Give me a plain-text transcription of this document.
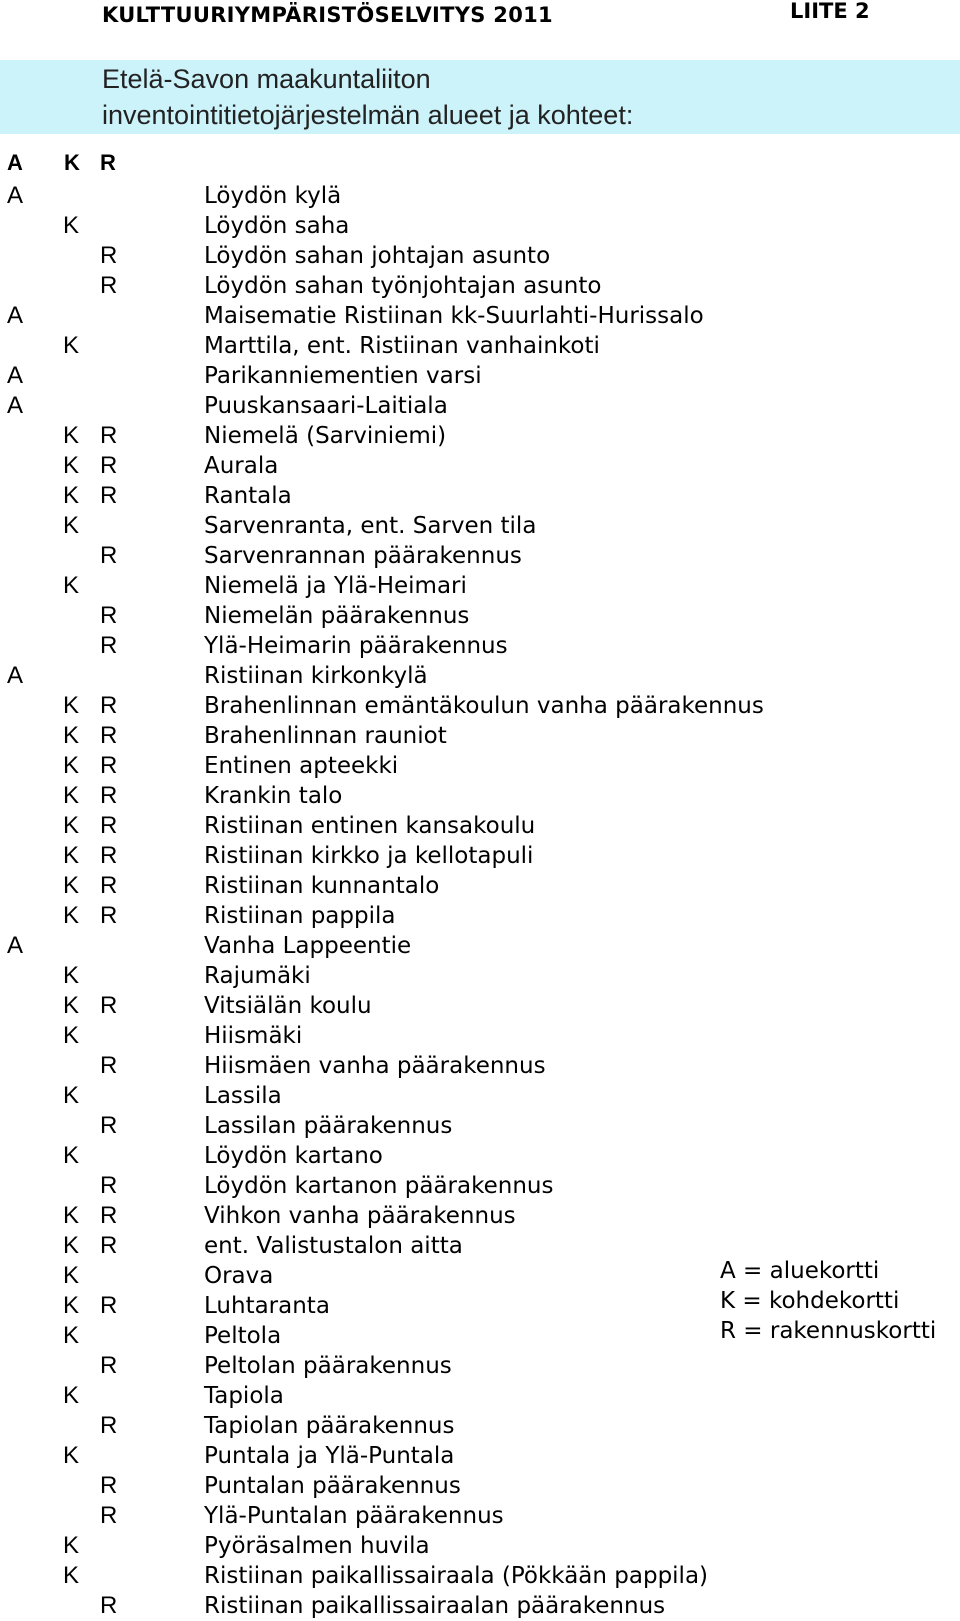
KULTTUURIYMPÄRISTÖSELVITYS 2011	LIITE 2
Etelä-Savon maakuntaliiton
inventointitietojärjestelmän alueet ja kohteet:
A K R
A	Löydön kylä
K	Löydön saha
R	Löydön sahan johtajan asunto
R	Löydön sahan työnjohtajan asunto
A	Maisematie Ristiinan kk-Suurlahti-Hurissalo
K	Marttila, ent. Ristiinan vanhainkoti
A	Parikanniementien varsi
A	Puuskansaari-Laitiala
K R	Niemelä (Sarviniemi)
K R	Aurala
K R	Rantala
K	Sarvenranta, ent. Sarven tila
R	Sarvenrannan päärakennus
K	Niemelä ja Ylä-Heimari
R	Niemelän päärakennus
R	Ylä-Heimarin päärakennus
A	Ristiinan kirkonkylä
K R	Brahenlinnan emäntäkoulun vanha päärakennus
K R	Brahenlinnan rauniot
K R	Entinen apteekki
K R	Krankin talo
K R	Ristiinan entinen kansakoulu
K R	Ristiinan kirkko ja kellotapuli
K R	Ristiinan kunnantalo
K R	Ristiinan pappila
A	Vanha Lappeentie
K	Rajumäki
K R	Vitsiälän koulu
K	Hiismäki
R	Hiismäen vanha päärakennus
K	Lassila
R	Lassilan päärakennus
K	Löydön kartano
R	Löydön kartanon päärakennus
K R	Vihkon vanha päärakennus
K R	ent. Valistustalon aitta
K	Orava
K R	Luhtaranta
K	Peltola
R	Peltolan päärakennus
K	Tapiola
R	Tapiolan päärakennus
K	Puntala ja Ylä-Puntala
R	Puntalan päärakennus
R	Ylä-Puntalan päärakennus
K	Pyöräsalmen huvila
K	Ristiinan paikallissairaala (Pökkään pappila)
R	Ristiinan paikallissairaalan päärakennus
A = aluekortti
K = kohdekortti
R = rakennuskortti
